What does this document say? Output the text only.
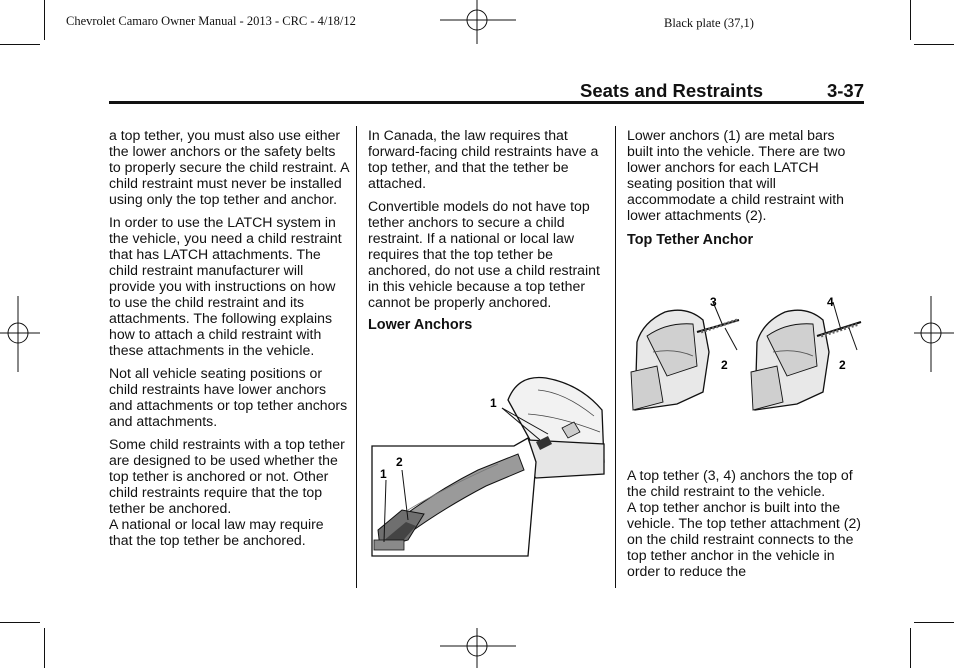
Chevrolet Camaro Owner Manual - 2013 - CRC - 4/18/12	Black plate (37,1)
Seats and Restraints	3-37

a top tether, you must also use either the lower anchors or the safety belts to properly secure the child restraint. A child restraint must never be installed using only the top tether and anchor.

In order to use the LATCH system in the vehicle, you need a child restraint that has LATCH attachments. The child restraint manufacturer will provide you with instructions on how to use the child restraint and its attachments. The following explains how to attach a child restraint with these attachments in the vehicle.

Not all vehicle seating positions or child restraints have lower anchors and attachments or top tether anchors and attachments.

Some child restraints with a top tether are designed to be used whether the top tether is anchored or not. Other child restraints require that the top tether be anchored.

A national or local law may require that the top tether be anchored.

In Canada, the law requires that forward-facing child restraints have a top tether, and that the tether be attached.

Convertible models do not have top tether anchors to secure a child restraint. If a national or local law requires that the top tether be anchored, do not use a child restraint in this vehicle because a top tether cannot be properly anchored.

Lower Anchors
1
1
2

Lower anchors (1) are metal bars built into the vehicle. There are two lower anchors for each LATCH seating position that will accommodate a child restraint with lower attachments (2).

Top Tether Anchor
3
2
4
2

A top tether (3, 4) anchors the top of the child restraint to the vehicle.

A top tether anchor is built into the vehicle. The top tether attachment (2) on the child restraint connects to the top tether anchor in the vehicle in order to reduce the
